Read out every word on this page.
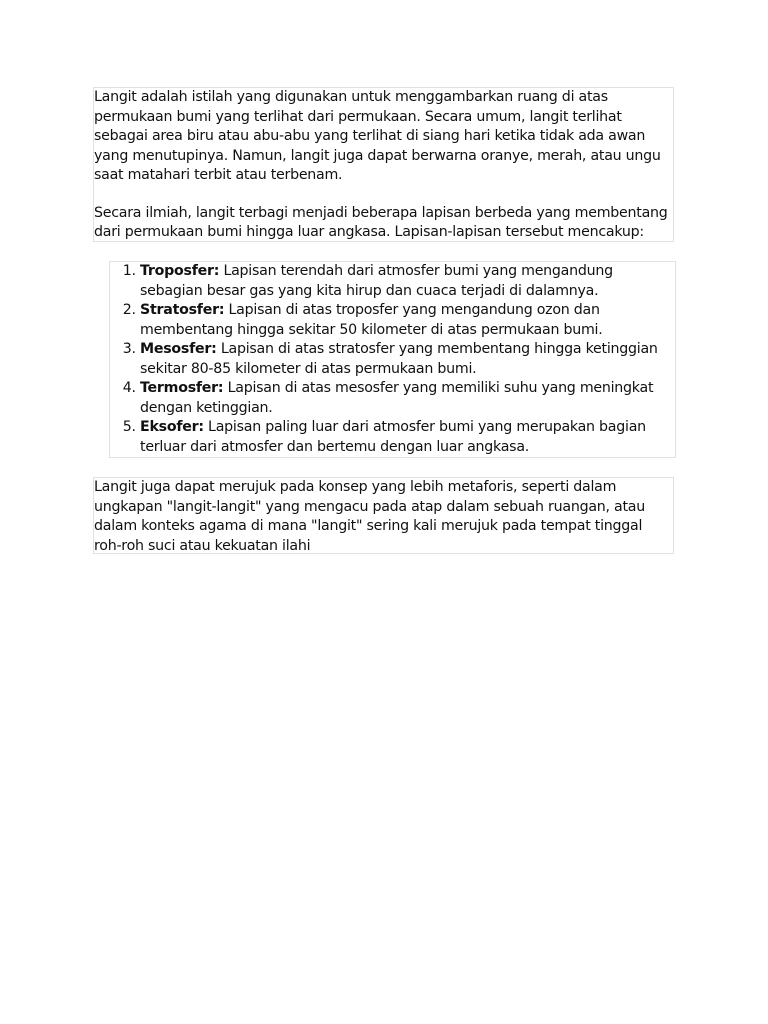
Langit adalah istilah yang digunakan untuk menggambarkan ruang di atas permukaan bumi yang terlihat dari permukaan. Secara umum, langit terlihat sebagai area biru atau abu-abu yang terlihat di siang hari ketika tidak ada awan yang menutupinya. Namun, langit juga dapat berwarna oranye, merah, atau ungu saat matahari terbit atau terbenam.

Secara ilmiah, langit terbagi menjadi beberapa lapisan berbeda yang membentang dari permukaan bumi hingga luar angkasa. Lapisan-lapisan tersebut mencakup:

1. Troposfer: Lapisan terendah dari atmosfer bumi yang mengandung sebagian besar gas yang kita hirup dan cuaca terjadi di dalamnya.
2. Stratosfer: Lapisan di atas troposfer yang mengandung ozon dan membentang hingga sekitar 50 kilometer di atas permukaan bumi.
3. Mesosfer: Lapisan di atas stratosfer yang membentang hingga ketinggian sekitar 80-85 kilometer di atas permukaan bumi.
4. Termosfer: Lapisan di atas mesosfer yang memiliki suhu yang meningkat dengan ketinggian.
5. Eksofer: Lapisan paling luar dari atmosfer bumi yang merupakan bagian terluar dari atmosfer dan bertemu dengan luar angkasa.

Langit juga dapat merujuk pada konsep yang lebih metaforis, seperti dalam ungkapan "langit-langit" yang mengacu pada atap dalam sebuah ruangan, atau dalam konteks agama di mana "langit" sering kali merujuk pada tempat tinggal roh-roh suci atau kekuatan ilahi
